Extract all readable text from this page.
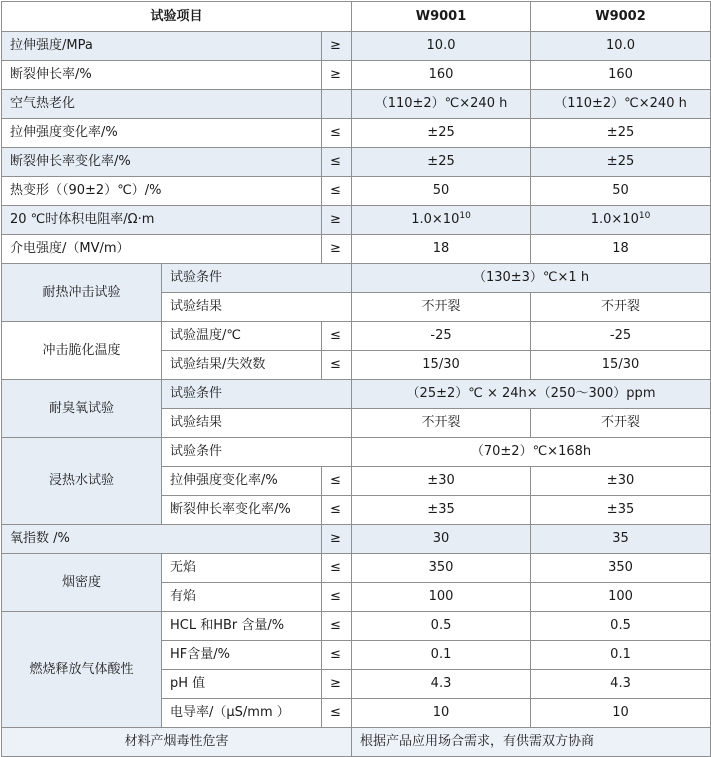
试验项目			W9001	W9002
拉伸强度/MPa		≥	10.0	10.0
断裂伸长率/%		≥	160	160
空气热老化			（110±2）℃×240 h	（110±2）℃×240 h
拉伸强度变化率/%		≤	±25	±25
断裂伸长率变化率/%		≤	±25	±25
热变形（（90±2）℃）/%		≤	50	50
20 ℃时体积电阻率/Ω·m		≥	$1.0\times 10^{10}$	$1.0\times 10^{10}$
介电强度/（MV/m）		≥	18	18
耐热冲击试验	试验条件		（130±3）℃×1 h	
	试验结果		不开裂	不开裂
冲击脆化温度	试验温度/℃	≤	-25	-25
	试验结果/失效数	≤	15/30	15/30
耐臭氧试验	试验条件		（25±2）℃ × 24h×（250～300）ppm	
	试验结果		不开裂	不开裂
浸热水试验	试验条件		（70±2）℃×168h	
	拉伸强度变化率/%	≤	±30	±30
	断裂伸长率变化率/%	≤	±35	±35
氧指数 /%		≥	30	35
烟密度	无焰	≤	350	350
	有焰	≤	100	100
燃烧释放气体酸性	HCL 和HBr 含量/%	≤	0.5	0.5
	HF含量/%	≤	0.1	0.1
	pH 值	≥	4.3	4.3
	电导率/（μS/mm ）	≤	10	10
材料产烟毒性危害			根据产品应用场合需求，有供需双方协商	
